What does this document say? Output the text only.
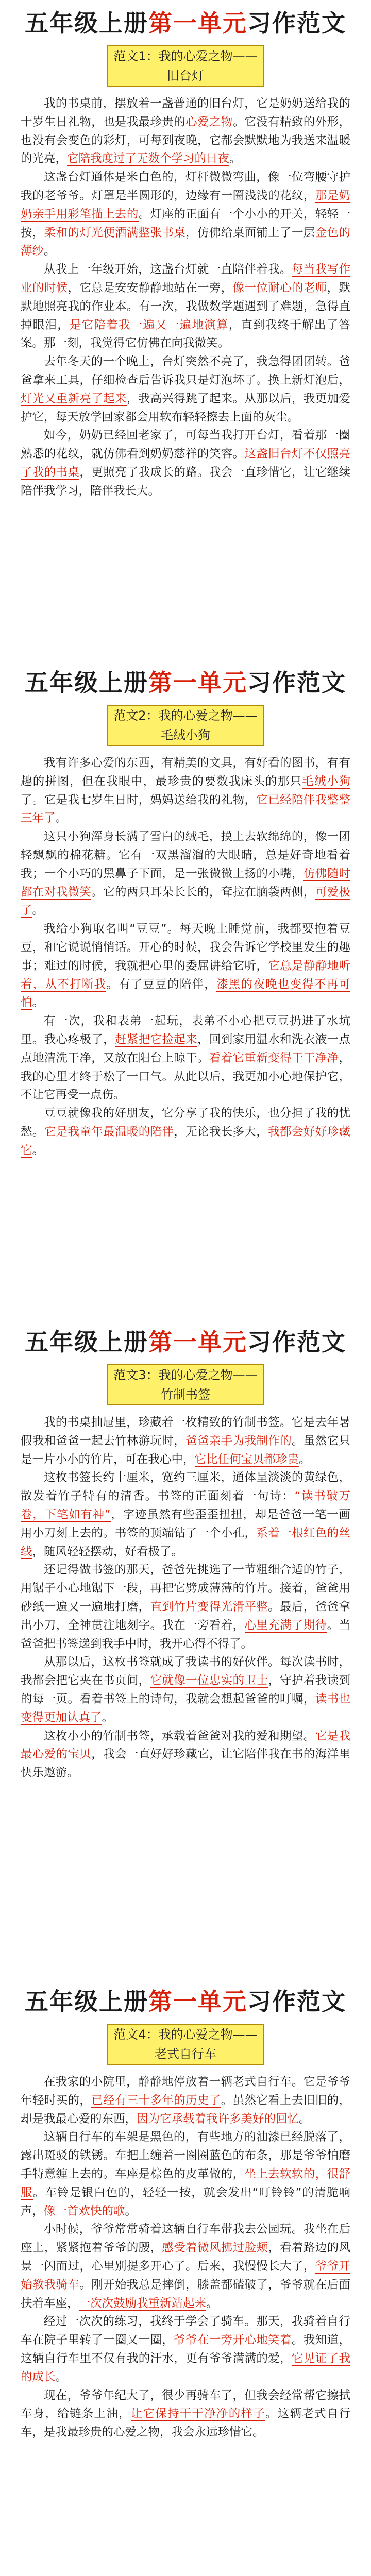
五年级上册第一单元习作范文
范文1：我的心爱之物——旧台灯

我的书桌前，摆放着一盏普通的旧台灯，它是奶奶送给我的十岁生日礼物，也是我最珍贵的心爱之物。它没有精致的外形，也没有会变色的彩灯，可每到夜晚，它都会默默地为我送来温暖的光亮，它陪我度过了无数个学习的日夜。

这盏台灯通体是米白色的，灯杆微微弯曲，像一位弯腰守护我的老爷爷。灯罩是半圆形的，边缘有一圈浅浅的花纹，那是奶奶亲手用彩笔描上去的。灯座的正面有一个小小的开关，轻轻一按，柔和的灯光便洒满整张书桌，仿佛给桌面铺上了一层金色的薄纱。

从我上一年级开始，这盏台灯就一直陪伴着我。每当我写作业的时候，它总是安安静静地站在一旁，像一位耐心的老师，默默地照亮我的作业本。有一次，我做数学题遇到了难题，急得直掉眼泪，是它陪着我一遍又一遍地演算，直到我终于解出了答案。那一刻，我觉得它仿佛在向我微笑。

去年冬天的一个晚上，台灯突然不亮了，我急得团团转。爸爸拿来工具，仔细检查后告诉我只是灯泡坏了。换上新灯泡后，灯光又重新亮了起来，我高兴得跳了起来。从那以后，我更加爱护它，每天放学回家都会用软布轻轻擦去上面的灰尘。

如今，奶奶已经回老家了，可每当我打开台灯，看着那一圈熟悉的花纹，就仿佛看到奶奶慈祥的笑容。这盏旧台灯不仅照亮了我的书桌，更照亮了我成长的路。我会一直珍惜它，让它继续陪伴我学习，陪伴我长大。

五年级上册第一单元习作范文
范文2：我的心爱之物——毛绒小狗

我有许多心爱的东西，有精美的文具，有好看的图书，有有趣的拼图，但在我眼中，最珍贵的要数我床头的那只毛绒小狗了。它是我七岁生日时，妈妈送给我的礼物，它已经陪伴我整整三年了。

这只小狗浑身长满了雪白的绒毛，摸上去软绵绵的，像一团轻飘飘的棉花糖。它有一双黑溜溜的大眼睛，总是好奇地看着我；一个小巧的黑鼻子下面，是一张微微上扬的小嘴，仿佛随时都在对我微笑。它的两只耳朵长长的，耷拉在脑袋两侧，可爱极了。

我给小狗取名叫“豆豆”。每天晚上睡觉前，我都要抱着豆豆，和它说说悄悄话。开心的时候，我会告诉它学校里发生的趣事；难过的时候，我就把心里的委屈讲给它听，它总是静静地听着，从不打断我。有了豆豆的陪伴，漆黑的夜晚也变得不再可怕。

有一次，我和表弟一起玩，表弟不小心把豆豆扔进了水坑里。我心疼极了，赶紧把它捡起来，回到家用温水和洗衣液一点点地清洗干净，又放在阳台上晾干。看着它重新变得干干净净，我的心里才终于松了一口气。从此以后，我更加小心地保护它，不让它再受一点伤。

豆豆就像我的好朋友，它分享了我的快乐，也分担了我的忧愁。它是我童年最温暖的陪伴，无论我长多大，我都会好好珍藏它。

五年级上册第一单元习作范文
范文3：我的心爱之物——竹制书签

我的书桌抽屉里，珍藏着一枚精致的竹制书签。它是去年暑假我和爸爸一起去竹林游玩时，爸爸亲手为我制作的。虽然它只是一片小小的竹片，可在我心中，它比任何宝贝都珍贵。

这枚书签长约十厘米，宽约三厘米，通体呈淡淡的黄绿色，散发着竹子特有的清香。书签的正面刻着一句诗：“读书破万卷，下笔如有神”，字迹虽然有些歪歪扭扭，却是爸爸一笔一画用小刀刻上去的。书签的顶端钻了一个小孔，系着一根红色的丝线，随风轻轻摆动，好看极了。

还记得做书签的那天，爸爸先挑选了一节粗细合适的竹子，用锯子小心地锯下一段，再把它劈成薄薄的竹片。接着，爸爸用砂纸一遍又一遍地打磨，直到竹片变得光滑平整。最后，爸爸拿出小刀，全神贯注地刻字。我在一旁看着，心里充满了期待。当爸爸把书签递到我手中时，我开心得不得了。

从那以后，这枚书签就成了我读书的好伙伴。每次读书时，我都会把它夹在书页间，它就像一位忠实的卫士，守护着我读到的每一页。看着书签上的诗句，我就会想起爸爸的叮嘱，读书也变得更加认真了。

这枚小小的竹制书签，承载着爸爸对我的爱和期望。它是我最心爱的宝贝，我会一直好好珍藏它，让它陪伴我在书的海洋里快乐遨游。

五年级上册第一单元习作范文
范文4：我的心爱之物——老式自行车

在我家的小院里，静静地停放着一辆老式自行车。它是爷爷年轻时买的，已经有三十多年的历史了。虽然它看上去旧旧的，却是我最心爱的东西，因为它承载着我许多美好的回忆。

这辆自行车的车架是黑色的，有些地方的油漆已经脱落了，露出斑驳的铁锈。车把上缠着一圈圈蓝色的布条，那是爷爷怕磨手特意缠上去的。车座是棕色的皮革做的，坐上去软软的，很舒服。车铃是银白色的，轻轻一按，就会发出“叮铃铃”的清脆响声，像一首欢快的歌。

小时候，爷爷常常骑着这辆自行车带我去公园玩。我坐在后座上，紧紧抱着爷爷的腰，感受着微风拂过脸颊，看着路边的风景一闪而过，心里别提多开心了。后来，我慢慢长大了，爷爷开始教我骑车。刚开始我总是摔倒，膝盖都磕破了，爷爷就在后面扶着车座，一次次鼓励我重新站起来。

经过一次次的练习，我终于学会了骑车。那天，我骑着自行车在院子里转了一圈又一圈，爷爷在一旁开心地笑着。我知道，这辆自行车里不仅有我的汗水，更有爷爷满满的爱，它见证了我的成长。

现在，爷爷年纪大了，很少再骑车了，但我会经常帮它擦拭车身，给链条上油，让它保持干干净净的样子。这辆老式自行车，是我最珍贵的心爱之物，我会永远珍惜它。
